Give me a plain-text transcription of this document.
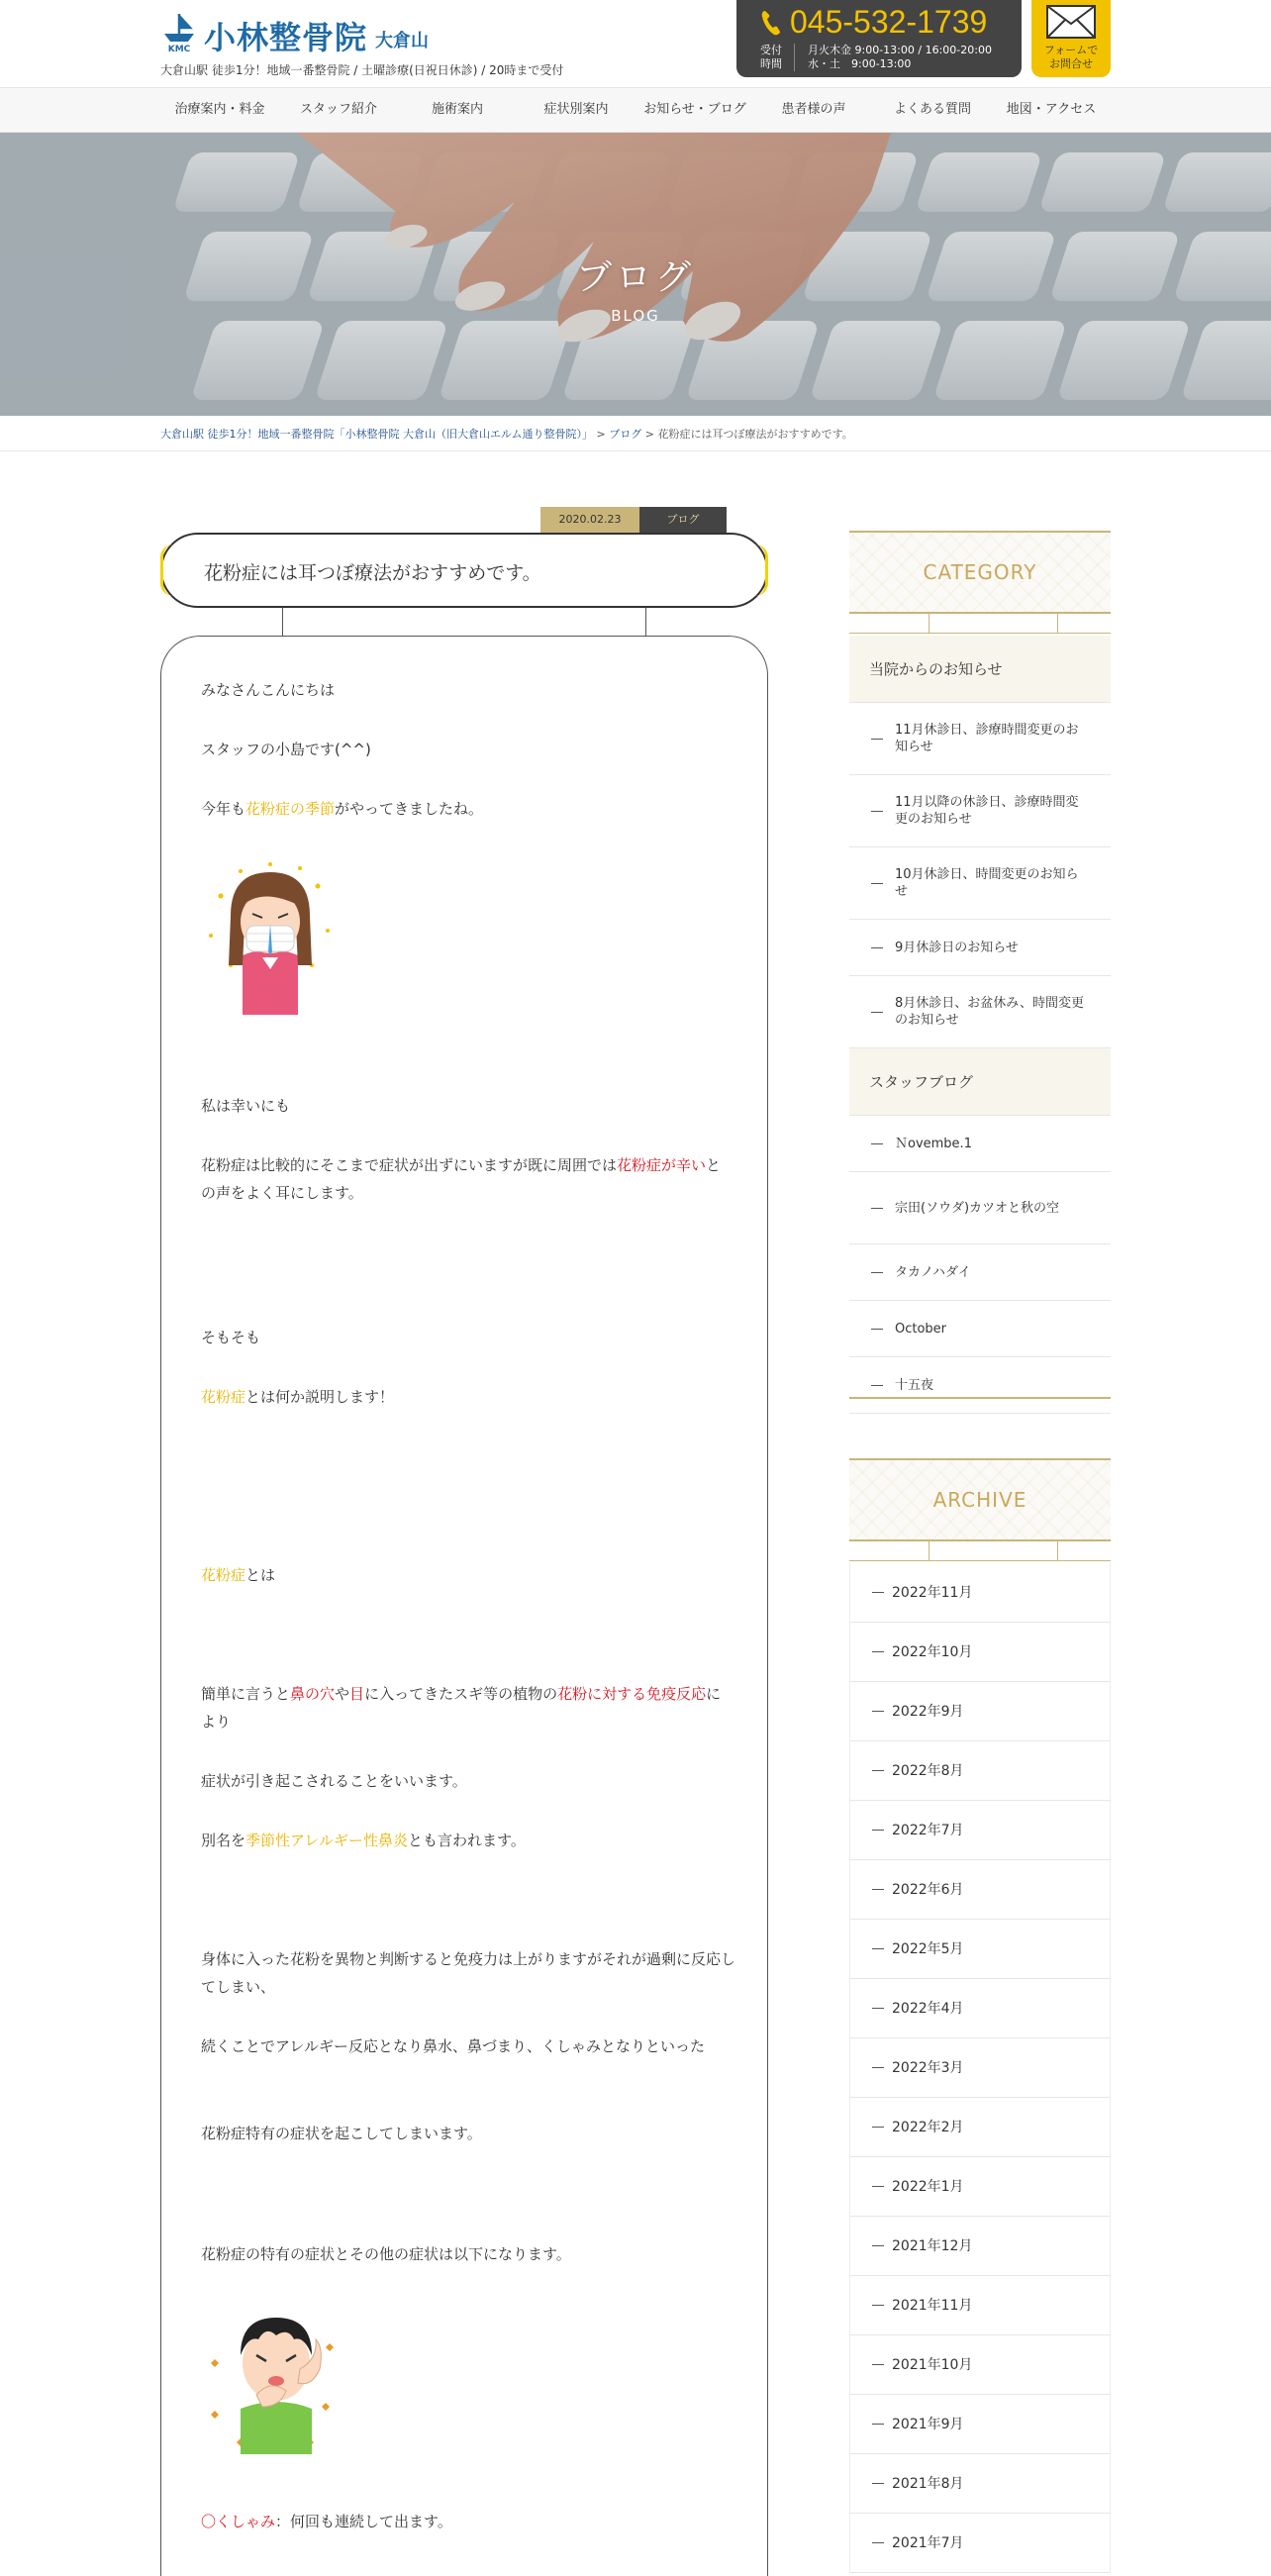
KMC 小林整骨院 大倉山
大倉山駅 徒歩1分！地域一番整骨院 / 土曜診療(日祝日休診) / 20時まで受付
045-532-1739
受付 時間
月火木金 9:00-13:00 / 16:00-20:00
水・土　9:00-13:00
フォームで
お問合せ
治療案内・料金	スタッフ紹介	施術案内	症状別案内	お知らせ・ブログ	患者様の声	よくある質問	地図・アクセス
ブログ
BLOG
大倉山駅 徒歩1分！地域一番整骨院「小林整骨院 大倉山（旧大倉山エルム通り整骨院）」 > ブログ > 花粉症には耳つぼ療法がおすすめです。
2020.02.23	ブログ
花粉症には耳つぼ療法がおすすめです。
みなさんこんにちは
スタッフの小島です(^^)
今年も花粉症の季節がやってきましたね。
私は幸いにも
花粉症は比較的にそこまで症状が出ずにいますが既に周囲では花粉症が辛いとの声をよく耳にします。
そもそも
花粉症とは何か説明します！
花粉症とは
簡単に言うと鼻の穴や目に入ってきたスギ等の植物の花粉に対する免疫反応により
症状が引き起こされることをいいます。
別名を季節性アレルギー性鼻炎とも言われます。
身体に入った花粉を異物と判断すると免疫力は上がりますがそれが過剰に反応してしまい、
続くことでアレルギー反応となり鼻水、鼻づまり、くしゃみとなりといった
花粉症特有の症状を起こしてしまいます。
花粉症の特有の症状とその他の症状は以下になります。
〇くしゃみ：何回も連続して出ます。
CATEGORY
当院からのお知らせ
11月休診日、診療時間変更のお知らせ
11月以降の休診日、診療時間変更のお知らせ
10月休診日、時間変更のお知らせ
9月休診日のお知らせ
8月休診日、お盆休み、時間変更のお知らせ
スタッフブログ
Ｎovembe.1
宗田(ソウダ)カツオと秋の空
タカノハダイ
October
十五夜
ARCHIVE
2022年11月
2022年10月
2022年9月
2022年8月
2022年7月
2022年6月
2022年5月
2022年4月
2022年3月
2022年2月
2022年1月
2021年12月
2021年11月
2021年10月
2021年9月
2021年8月
2021年7月
